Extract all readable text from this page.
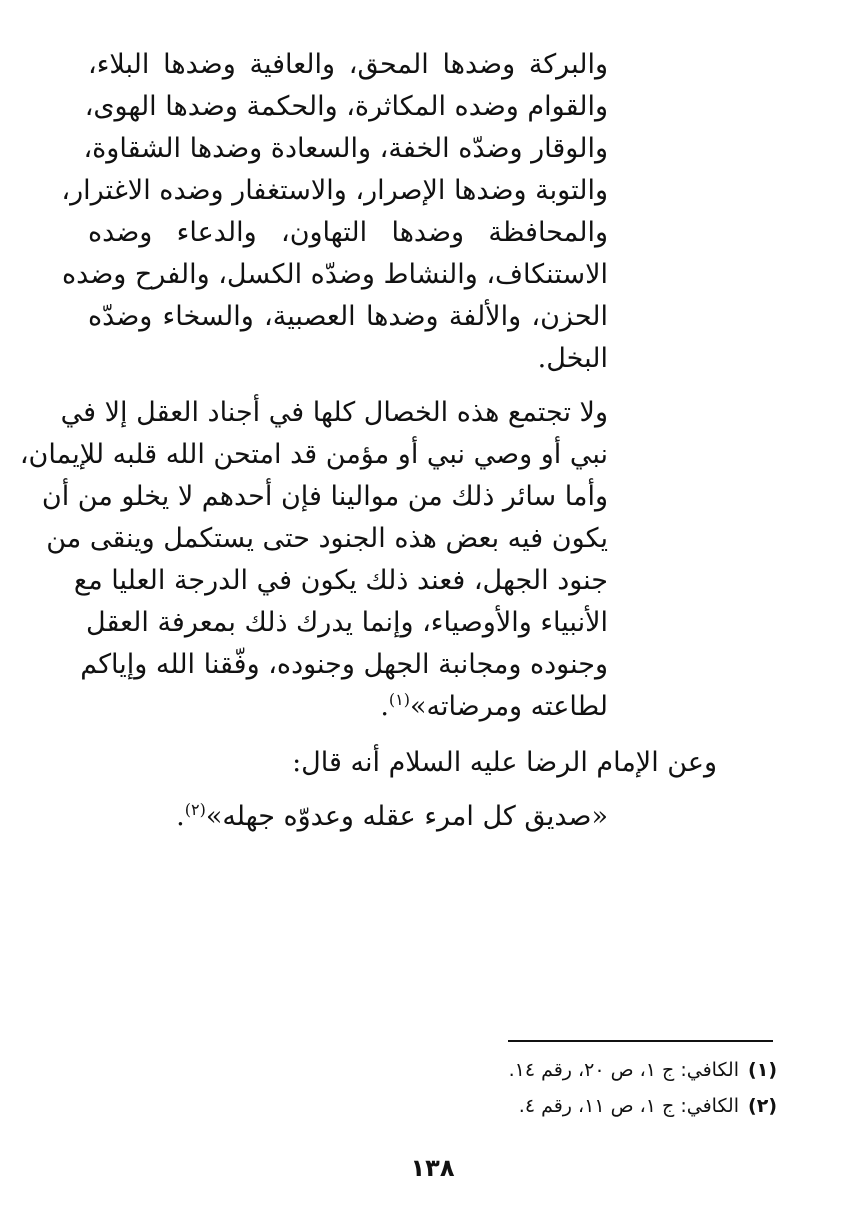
والبركة وضدها المحق، والعافية وضدها البلاء،
والقوام وضده المكاثرة، والحكمة وضدها الهوى،
والوقار وضدّه الخفة، والسعادة وضدها الشقاوة،
والتوبة وضدها الإصرار، والاستغفار وضده الاغترار،
والمحافظة وضدها التهاون، والدعاء وضده
الاستنكاف، والنشاط وضدّه الكسل، والفرح وضده
الحزن، والألفة وضدها العصبية، والسخاء وضدّه
البخل.
ولا تجتمع هذه الخصال كلها في أجناد العقل إلا في
نبي أو وصي نبي أو مؤمن قد امتحن الله قلبه للإيمان،
وأما سائر ذلك من موالينا فإن أحدهم لا يخلو من أن
يكون فيه بعض هذه الجنود حتى يستكمل وينقى من
جنود الجهل، فعند ذلك يكون في الدرجة العليا مع
الأنبياء والأوصياء، وإنما يدرك ذلك بمعرفة العقل
وجنوده ومجانبة الجهل وجنوده، وفّقنا الله وإياكم
لطاعته ومرضاته»$^{(١)}$.
وعن الإمام الرضا عليه السلام أنه قال:
«صديق كل امرء عقله وعدوّه جهله»$^{(٢)}$.
(١)الكافي: ج ١، ص ٢٠، رقم ١٤.
(٢)الكافي: ج ١، ص ١١، رقم ٤.
١٣٨
